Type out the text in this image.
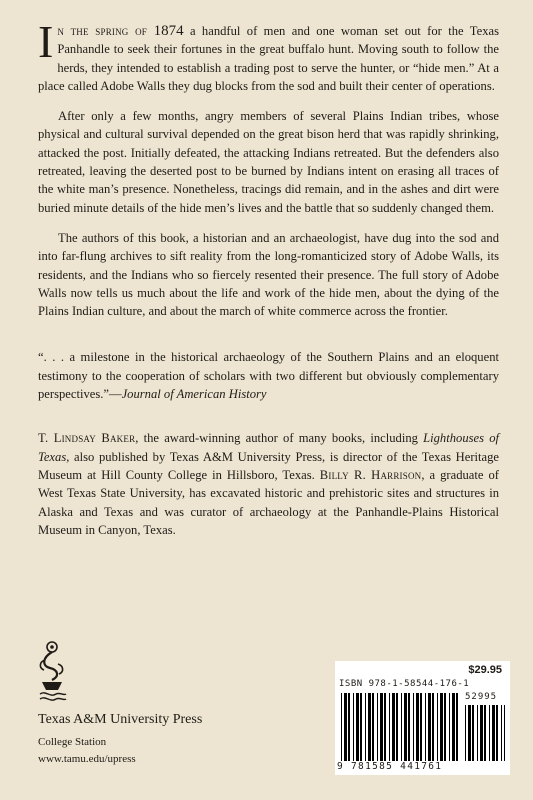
In the spring of 1874 a handful of men and one woman set out for the Texas Panhandle to seek their fortunes in the great buffalo hunt. Moving south to follow the herds, they intended to establish a trading post to serve the hunter, or “hide men.” At a place called Adobe Walls they dug blocks from the sod and built their center of operations.

After only a few months, angry members of several Plains Indian tribes, whose physical and cultural survival depended on the great bison herd that was rapidly shrinking, attacked the post. Initially defeated, the attacking Indians retreated. But the defenders also retreated, leaving the deserted post to be burned by Indians intent on erasing all traces of the white man’s presence. Nonetheless, tracings did remain, and in the ashes and dirt were buried minute details of the hide men’s lives and the battle that so suddenly changed them.

The authors of this book, a historian and an archaeologist, have dug into the sod and into far-flung archives to sift reality from the long-romanticized story of Adobe Walls, its residents, and the Indians who so fiercely resented their presence. The full story of Adobe Walls now tells us much about the life and work of the hide men, about the dying of the Plains Indian culture, and about the march of white commerce across the frontier.

“. . . a milestone in the historical archaeology of the Southern Plains and an eloquent testimony to the cooperation of scholars with two different but obviously complementary perspectives.”—Journal of American History

T. Lindsay Baker, the award-winning author of many books, including Lighthouses of Texas, also published by Texas A&M University Press, is director of the Texas Heritage Museum at Hill County College in Hillsboro, Texas. Billy R. Harrison, a graduate of West Texas State University, has excavated historic and prehistoric sites and structures in Alaska and Texas and was curator of archaeology at the Panhandle-Plains Historical Museum in Canyon, Texas.

Texas A&M University Press
College Station
www.tamu.edu/upress
$29.95
ISBN 978-1-58544-176-1
52995
9 781585 441761
